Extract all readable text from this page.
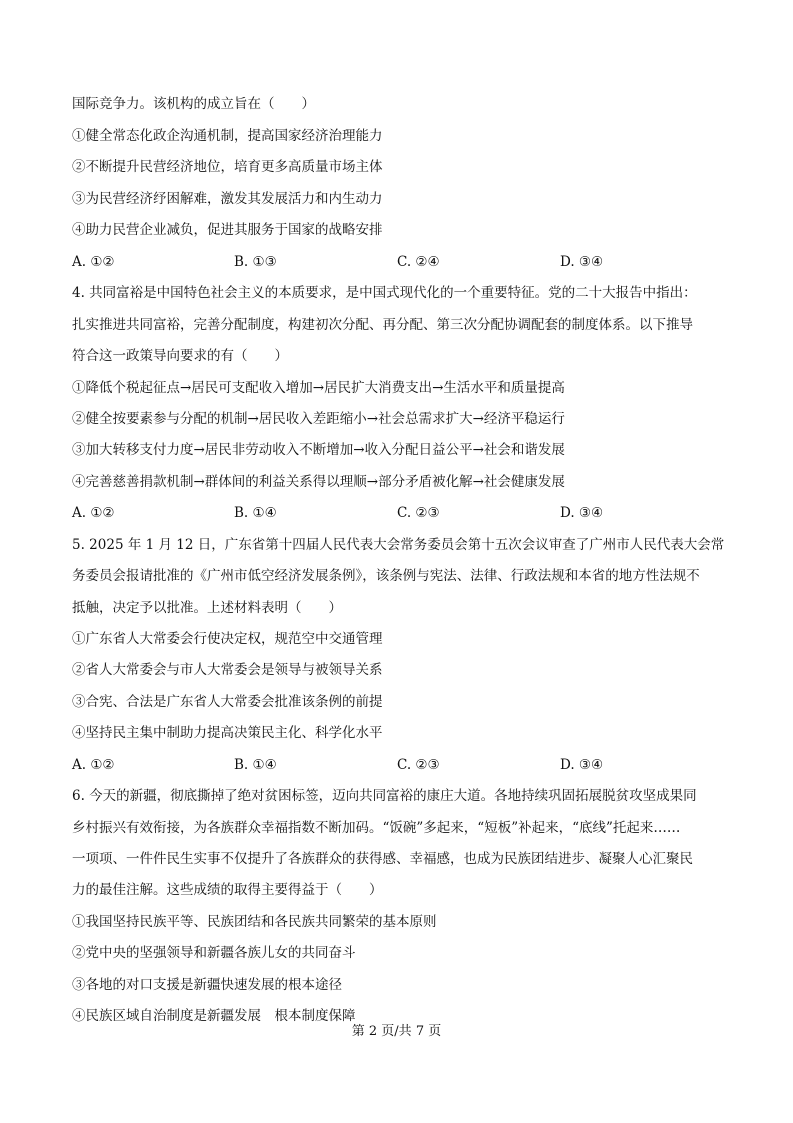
国际竞争力。该机构的成立旨在（　　）
①健全常态化政企沟通机制，提高国家经济治理能力
②不断提升民营经济地位，培育更多高质量市场主体
③为民营经济纾困解难，激发其发展活力和内生动力
④助力民营企业减负，促进其服务于国家的战略安排
A. ①②	B. ①③	C. ②④	D. ③④
4. 共同富裕是中国特色社会主义的本质要求，是中国式现代化的一个重要特征。党的二十大报告中指出：
扎实推进共同富裕，完善分配制度，构建初次分配、再分配、第三次分配协调配套的制度体系。以下推导
符合这一政策导向要求的有（　　）
①降低个税起征点→居民可支配收入增加→居民扩大消费支出→生活水平和质量提高
②健全按要素参与分配的机制→居民收入差距缩小→社会总需求扩大→经济平稳运行
③加大转移支付力度→居民非劳动收入不断增加→收入分配日益公平→社会和谐发展
④完善慈善捐款机制→群体间的利益关系得以理顺→部分矛盾被化解→社会健康发展
A. ①②	B. ①④	C. ②③	D. ③④
5. 2025 年 1 月 12 日，广东省第十四届人民代表大会常务委员会第十五次会议审查了广州市人民代表大会常
务委员会报请批准的《广州市低空经济发展条例》，该条例与宪法、法律、行政法规和本省的地方性法规不
抵触，决定予以批准。上述材料表明（　　）
①广东省人大常委会行使决定权，规范空中交通管理
②省人大常委会与市人大常委会是领导与被领导关系
③合宪、合法是广东省人大常委会批准该条例的前提
④坚持民主集中制助力提高决策民主化、科学化水平
A. ①②	B. ①④	C. ②③	D. ③④
6. 今天的新疆，彻底撕掉了绝对贫困标签，迈向共同富裕的康庄大道。各地持续巩固拓展脱贫攻坚成果同
乡村振兴有效衔接，为各族群众幸福指数不断加码。“饭碗”多起来，“短板”补起来，“底线”托起来……
一项项、一件件民生实事不仅提升了各族群众的获得感、幸福感，也成为民族团结进步、凝聚人心汇聚民
力的最佳注解。这些成绩的取得主要得益于（　　）
①我国坚持民族平等、民族团结和各民族共同繁荣的基本原则
②党中央的坚强领导和新疆各族儿女的共同奋斗
③各地的对口支援是新疆快速发展的根本途径
④民族区域自治制度是新疆发展　根本制度保障
第 2 页/共 7 页
